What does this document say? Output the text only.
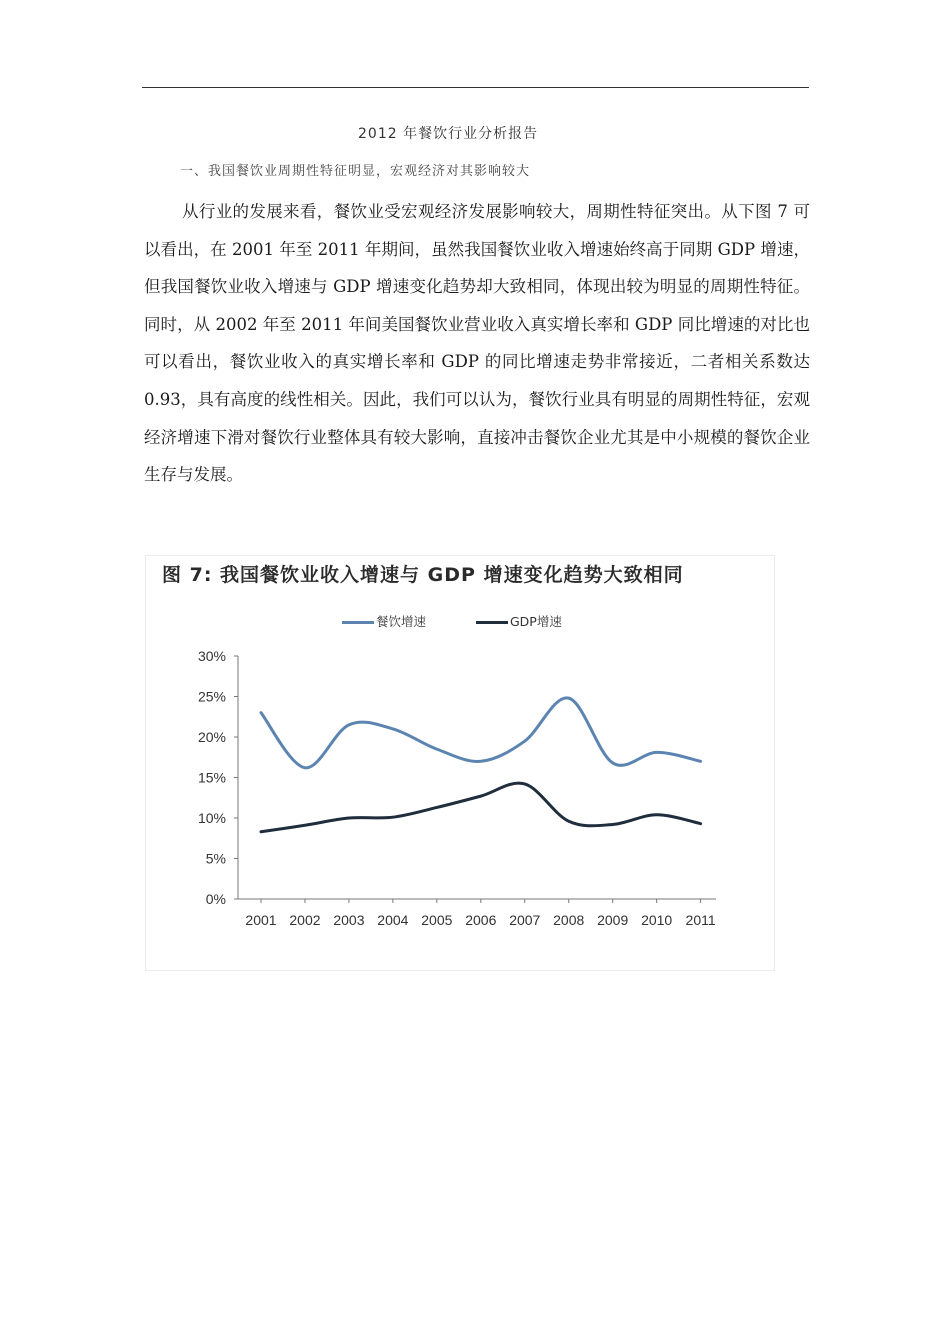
2012 年餐饮行业分析报告
一、我国餐饮业周期性特征明显，宏观经济对其影响较大

从行业的发展来看，餐饮业受宏观经济发展影响较大，周期性特征突出。从下图 7 可以看出，在 2001 年至 2011 年期间，虽然我国餐饮业收入增速始终高于同期 GDP 增速，但我国餐饮业收入增速与 GDP 增速变化趋势却大致相同，体现出较为明显的周期性特征。同时，从 2002 年至 2011 年间美国餐饮业营业收入真实增长率和 GDP 同比增速的对比也可以看出，餐饮业收入的真实增长率和 GDP 的同比增速走势非常接近，二者相关系数达 0.93，具有高度的线性相关。因此，我们可以认为，餐饮行业具有明显的周期性特征，宏观经济增速下滑对餐饮行业整体具有较大影响，直接冲击餐饮企业尤其是中小规模的餐饮企业生存与发展。

0%
5%
10%
15%
20%
25%
30%
2001 2002 2003 2004 2005 2006 2007 2008 2009 2010 2011
图 7: 我国餐饮业收入增速与 GDP 增速变化趋势大致相同
餐饮增速	GDP增速
